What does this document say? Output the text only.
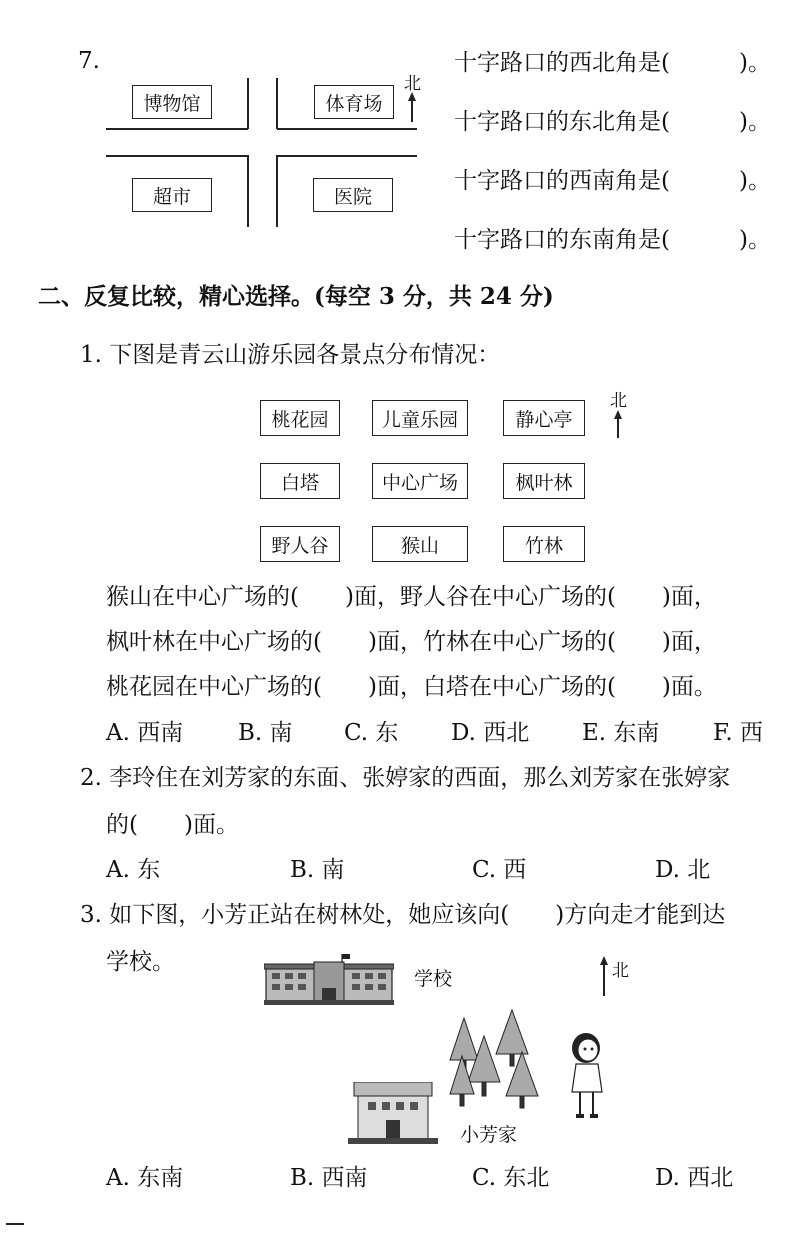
7.
博物馆	体育场
超市	医院
北
十字路口的西北角是(　　　)。
十字路口的东北角是(　　　)。
十字路口的西南角是(　　　)。
十字路口的东南角是(　　　)。
二、反复比较，精心选择。(每空 3 分，共 24 分)
1. 下图是青云山游乐园各景点分布情况：
桃花园	儿童乐园	静心亭
白塔	中心广场	枫叶林
野人谷	猴山	竹林
北
猴山在中心广场的(　　)面，野人谷在中心广场的(　　)面，
枫叶林在中心广场的(　　)面，竹林在中心广场的(　　)面，
桃花园在中心广场的(　　)面，白塔在中心广场的(　　)面。
A. 西南 B. 南 C. 东 D. 西北 E. 东南 F. 西
2. 李玲住在刘芳家的东面、张婷家的西面，那么刘芳家在张婷家
的(　　)面。
A. 东	B. 南	C. 西	D. 北
3. 如下图，小芳正站在树林处，她应该向(　　)方向走才能到达
学校。
学校	北
小芳家
A. 东南	B. 西南	C. 东北	D. 西北
